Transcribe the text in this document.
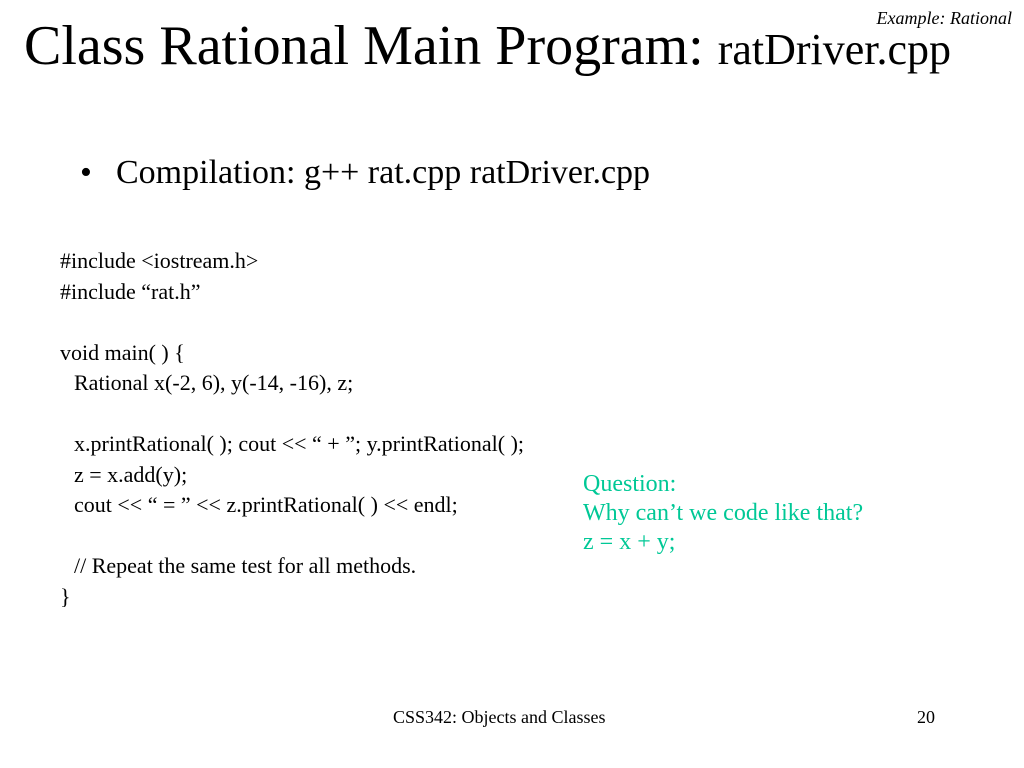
Example: Rational
Class Rational Main Program: ratDriver.cpp
• Compilation: g++ rat.cpp ratDriver.cpp
#include <iostream.h>
#include “rat.h”
void main( ) {
Rational x(-2, 6), y(-14, -16), z;
x.printRational( ); cout << “ + ”; y.printRational( );
z = x.add(y);
cout << “ = ” << z.printRational( ) << endl;
// Repeat the same test for all methods.
}
Question:
Why can’t we code like that?
z = x + y;
CSS342: Objects and Classes	20
